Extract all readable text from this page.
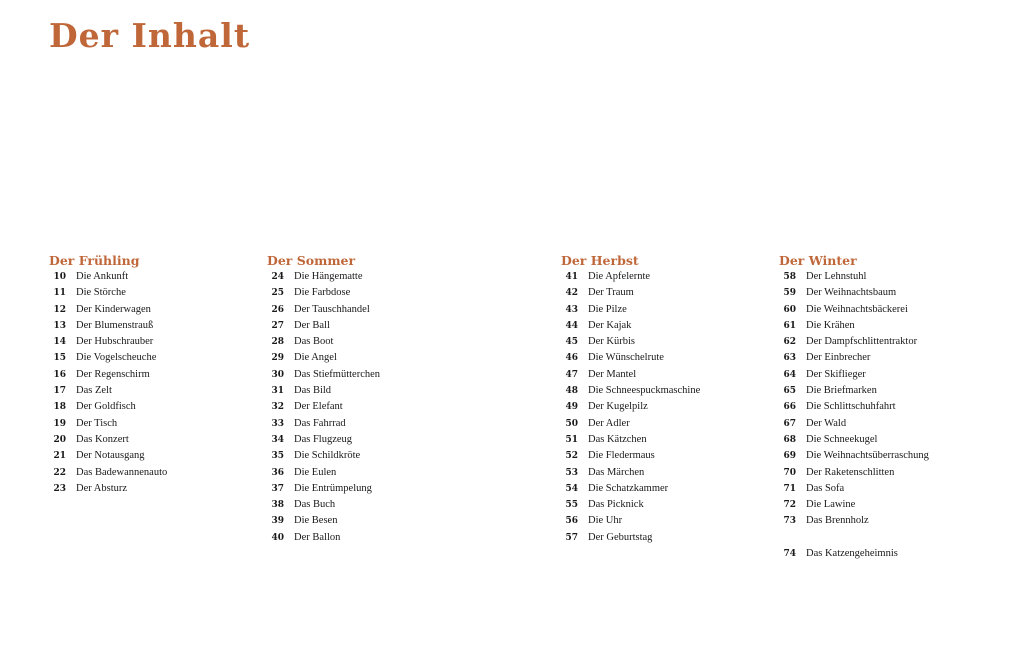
Der Inhalt
Der Frühling
10 Die Ankunft
11 Die Störche
12 Der Kinderwagen
13 Der Blumenstrauß
14 Der Hubschrauber
15 Die Vogelscheuche
16 Der Regenschirm
17 Das Zelt
18 Der Goldfisch
19 Der Tisch
20 Das Konzert
21 Der Notausgang
22 Das Badewannenauto
23 Der Absturz
Der Sommer
24 Die Hängematte
25 Die Farbdose
26 Der Tauschhandel
27 Der Ball
28 Das Boot
29 Die Angel
30 Das Stiefmütterchen
31 Das Bild
32 Der Elefant
33 Das Fahrrad
34 Das Flugzeug
35 Die Schildkröte
36 Die Eulen
37 Die Entrümpelung
38 Das Buch
39 Die Besen
40 Der Ballon
Der Herbst
41 Die Apfelernte
42 Der Traum
43 Die Pilze
44 Der Kajak
45 Der Kürbis
46 Die Wünschelrute
47 Der Mantel
48 Die Schneespuckmaschine
49 Der Kugelpilz
50 Der Adler
51 Das Kätzchen
52 Die Fledermaus
53 Das Märchen
54 Die Schatzkammer
55 Das Picknick
56 Die Uhr
57 Der Geburtstag
Der Winter
58 Der Lehnstuhl
59 Der Weihnachtsbaum
60 Die Weihnachtsbäckerei
61 Die Krähen
62 Der Dampfschlittentraktor
63 Der Einbrecher
64 Der Skiflieger
65 Die Briefmarken
66 Die Schlittschuhfahrt
67 Der Wald
68 Die Schneekugel
69 Die Weihnachtsüberraschung
70 Der Raketenschlitten
71 Das Sofa
72 Die Lawine
73 Das Brennholz
74 Das Katzengeheimnis
